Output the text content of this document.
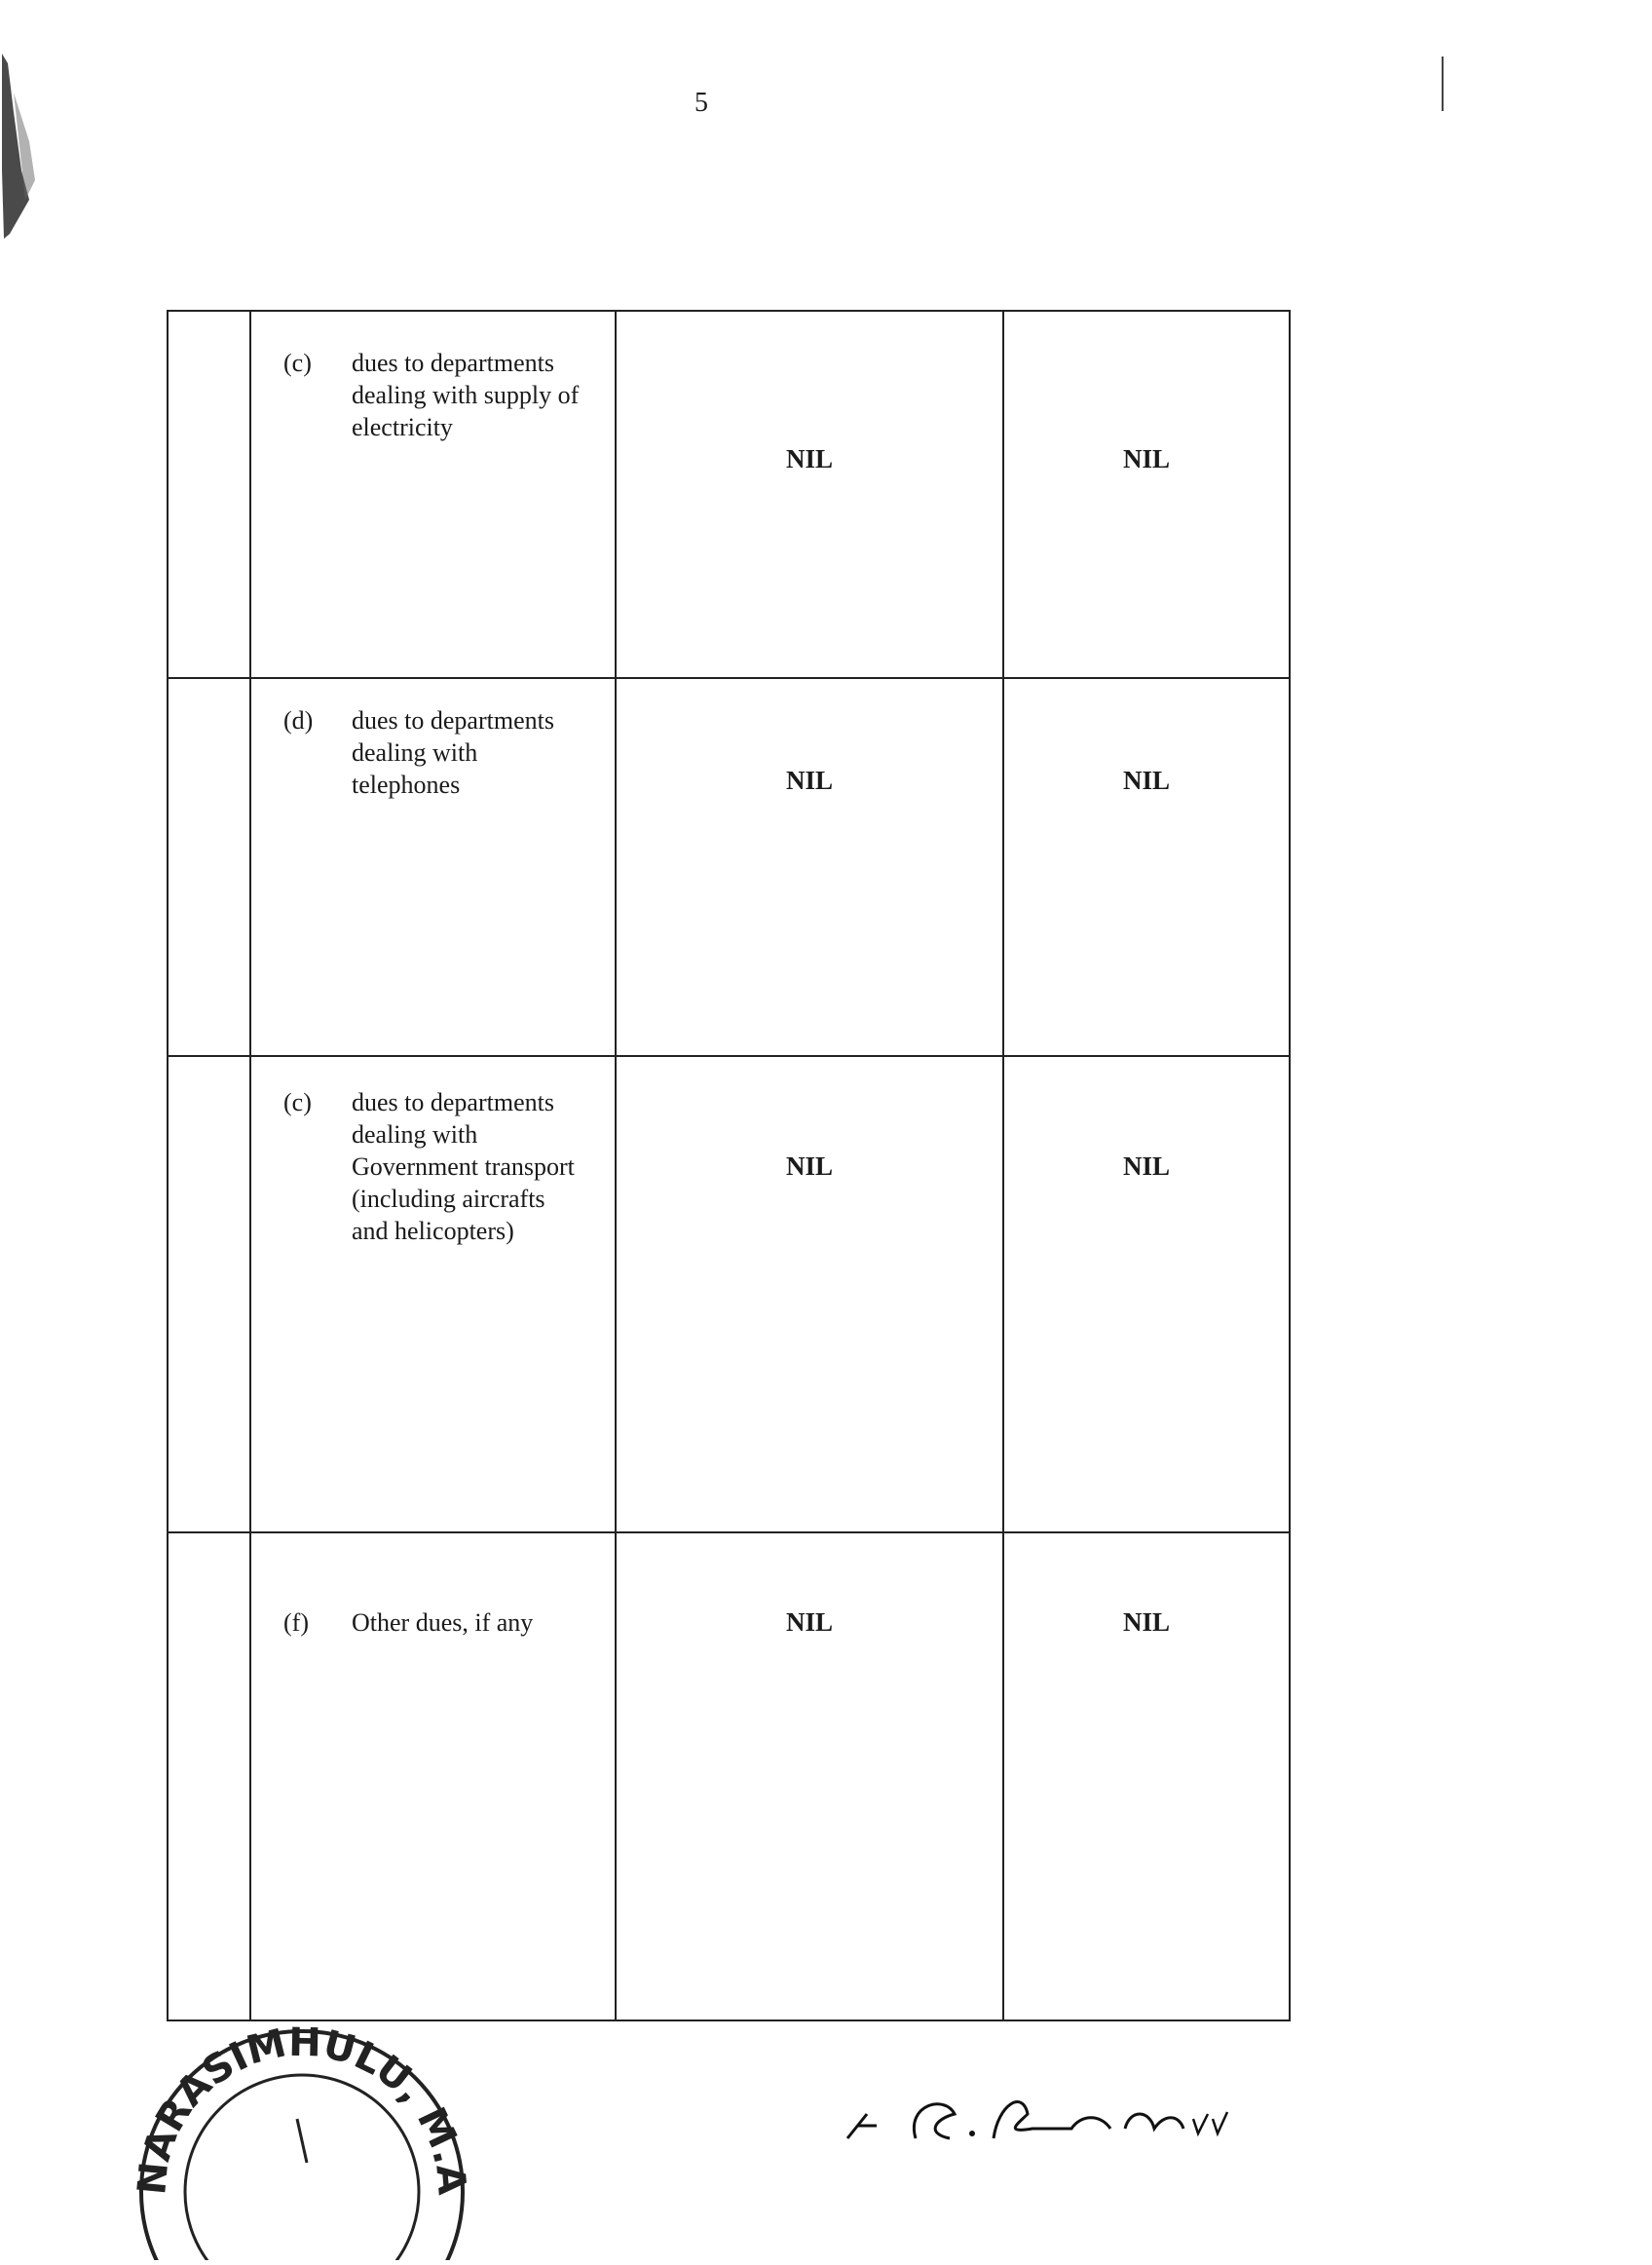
5

	(c) dues to departments dealing with supply of electricity	NIL	NIL

	(d) dues to departments dealing with telephones	NIL	NIL

	(c) dues to departments dealing with Government transport (including aircrafts and helicopters)	NIL	NIL

	(f) Other dues, if any	NIL	NIL
NARASIMHULU, M.A
